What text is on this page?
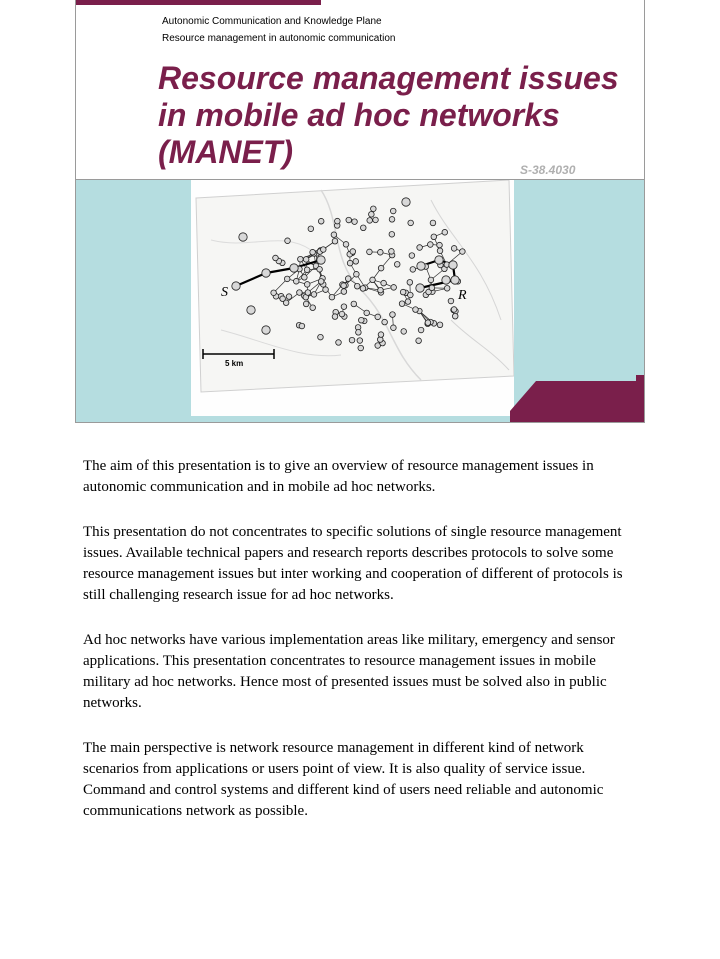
Autonomic Communication and Knowledge Plane
Resource management in autonomic communication
Resource management issues in mobile ad hoc networks (MANET)	S-38.4030
S	R
5 km

The aim of this presentation is to give an overview of resource management issues in autonomic communication and in mobile ad hoc networks.

This presentation do not concentrates to specific solutions of single resource management issues. Available technical papers and research reports describes protocols to solve some resource management issues but inter working and cooperation of different of protocols is still challenging research issue for ad hoc networks.

Ad hoc networks have various implementation areas like military, emergency and sensor applications. This presentation concentrates to resource management issues in mobile military ad hoc networks. Hence most of presented issues must be solved also in public networks.

The main perspective is network resource management in different kind of network scenarios from applications or users point of view. It is also quality of service issue. Command and control systems and different kind of users need reliable and autonomic communications network as possible.
